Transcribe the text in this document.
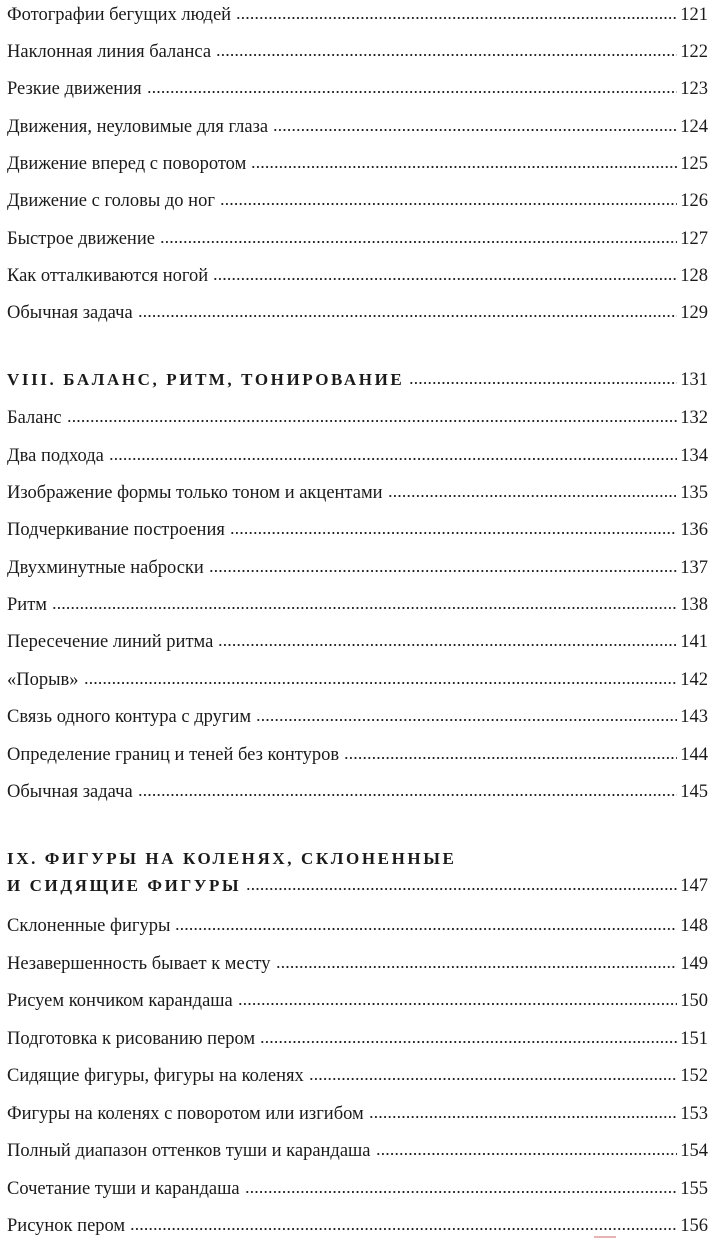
Фотографии бегущих людей	121
Наклонная линия баланса	122
Резкие движения	123
Движения, неуловимые для глаза	124
Движение вперед с поворотом	125
Движение с головы до ног	126
Быстрое движение	127
Как отталкиваются ногой	128
Обычная задача	129
VIII. БАЛАНС, РИТМ, ТОНИРОВАНИЕ	131
Баланс	132
Два подхода	134
Изображение формы только тоном и акцентами	135
Подчеркивание построения	136
Двухминутные наброски	137
Ритм	138
Пересечение линий ритма	141
«Порыв»	142
Связь одного контура с другим	143
Определение границ и теней без контуров	144
Обычная задача	145
IX. ФИГУРЫ НА КОЛЕНЯХ, СКЛОНЕННЫЕ
И СИДЯЩИЕ ФИГУРЫ	147
Склоненные фигуры	148
Незавершенность бывает к месту	149
Рисуем кончиком карандаша	150
Подготовка к рисованию пером	151
Сидящие фигуры, фигуры на коленях	152
Фигуры на коленях с поворотом или изгибом	153
Полный диапазон оттенков туши и карандаша	154
Сочетание туши и карандаша	155
Рисунок пером	156
